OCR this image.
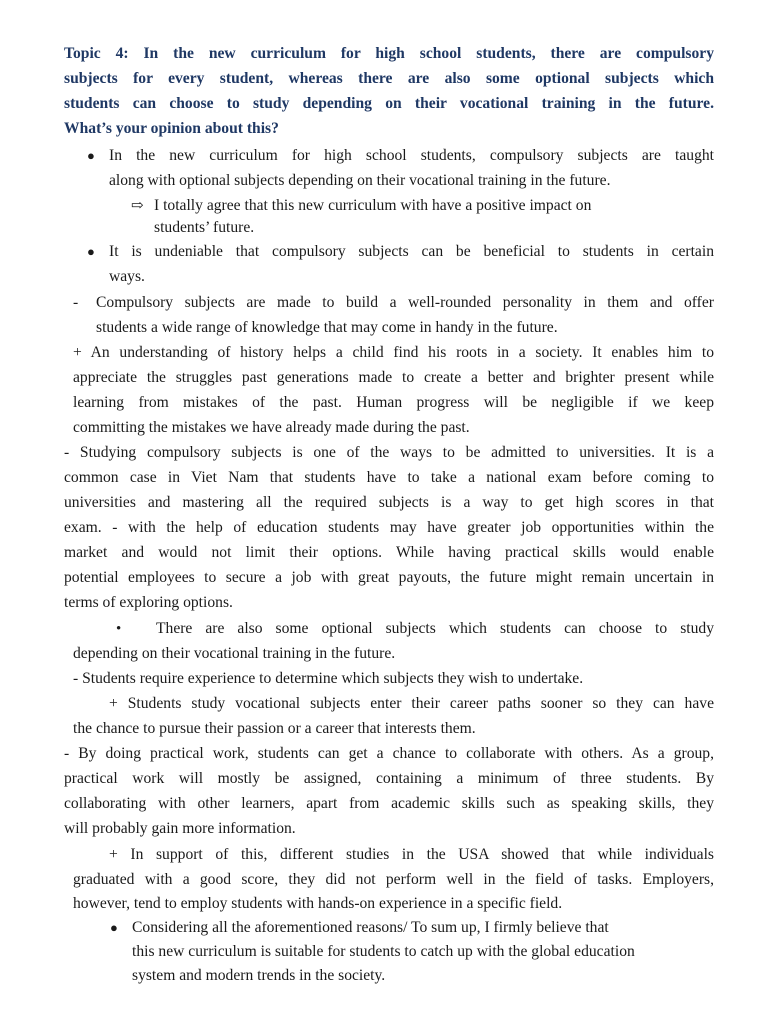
Topic 4: In the new curriculum for high school students, there are compulsory
subjects for every student, whereas there are also some optional subjects which
students can choose to study depending on their vocational training in the future.
What’s your opinion about this?
● In the new curriculum for high school students, compulsory subjects are taught
along with optional subjects depending on their vocational training in the future.
⇨ I totally agree that this new curriculum with have a positive impact on
students’ future.
● It is undeniable that compulsory subjects can be beneficial to students in certain
ways.
- Compulsory subjects are made to build a well-rounded personality in them and offer
students a wide range of knowledge that may come in handy in the future.
+ An understanding of history helps a child find his roots in a society. It enables him to
appreciate the struggles past generations made to create a better and brighter present while
learning from mistakes of the past. Human progress will be negligible if we keep
committing the mistakes we have already made during the past.
- Studying compulsory subjects is one of the ways to be admitted to universities. It is a
common case in Viet Nam that students have to take a national exam before coming to
universities and mastering all the required subjects is a way to get high scores in that
exam. - with the help of education students may have greater job opportunities within the
market and would not limit their options. While having practical skills would enable
potential employees to secure a job with great payouts, the future might remain uncertain in
terms of exploring options.
• There are also some optional subjects which students can choose to study
depending on their vocational training in the future.
- Students require experience to determine which subjects they wish to undertake.
+ Students study vocational subjects enter their career paths sooner so they can have
the chance to pursue their passion or a career that interests them.
- By doing practical work, students can get a chance to collaborate with others. As a group,
practical work will mostly be assigned, containing a minimum of three students. By
collaborating with other learners, apart from academic skills such as speaking skills, they
will probably gain more information.
+ In support of this, different studies in the USA showed that while individuals
graduated with a good score, they did not perform well in the field of tasks. Employers,
however, tend to employ students with hands-on experience in a specific field.
● Considering all the aforementioned reasons/ To sum up, I firmly believe that
this new curriculum is suitable for students to catch up with the global education
system and modern trends in the society.
